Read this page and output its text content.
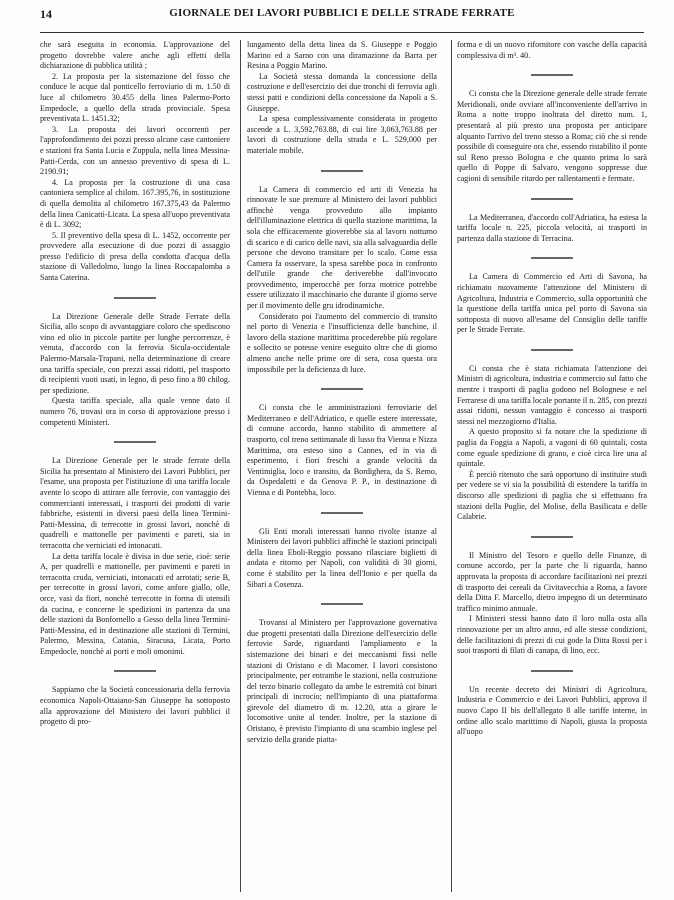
14	GIORNALE DEI LAVORI PUBBLICI E DELLE STRADE FERRATE

che sarà eseguita in economia. L'approvazione del progetto dovrebbe valere anche agli effetti della dichiarazione di pubblica utilità ;

2. La proposta per la sistemazione del fosso che conduce le acque dal ponticello ferroviario di m. 1.50 di luce al chilometro 30.455 della linea Palermo-Porto Empedocle, a quello della strada provinciale. Spesa preventivata L. 1451.32;

3. La proposta dei lavori occorrenti per l'approfondimento dei pozzi presso alcune case cantoniere e stazioni fra Santa Lucia e Zuppula, nella linea Messina-Patti-Cerda, con un annesso preventivo di spesa di L. 2190.91;

4. La proposta per la costruzione di una casa cantoniera semplice al chilom. 167.395,76, in sostituzione di quella demolita al chilometro 167.375,43 da Palermo della linea Canicattì-Licata. La spesa all'uopo preventivata è di L. 3092;

5. Il preventivo della spesa di L. 1452, occorrente per provvedere alla esecuzione di due pozzi di assaggio presso l'edificio di presa della condotta d'acqua della stazione di Valledolmo, lungo la linea Roccapalomba a Santa Caterina.

La Direzione Generale delle Strade Ferrate della Sicilia, allo scopo di avvantaggiare coloro che spediscono vino ed olio in piccole partite per lunghe percorrenze, è venuta, d'accordo con la ferrovia Sicula-occidentale Palermo-Marsala-Trapani, nella determinazione di creare una tariffa speciale, con prezzi assai ridotti, pel trasporto di recipienti vuoti usati, in legno, di peso fino a 80 chilog. per spedizione.

Questa tariffa speciale, alla quale venne dato il numero 76, trovasi ora in corso di approvazione presso i competenti Ministeri.

La Direzione Generale per le strade ferrate della Sicilia ha presentato al Ministero dei Lavori Pubblici, per l'esame, una proposta per l'istituzione di una tariffa locale avente lo scopo di attirare alle ferrovie, con vantaggio dei commercianti interessati, i trasporti dei prodotti di varie fabbriche, esistenti in diversi paesi della linea Termini-Patti-Messina, di terrecotte in grossi lavori, nonchè di quadrelli e mattonelle per pavimenti e pareti, sia in terracotta che verniciati ed intonacati.

La detta tariffa locale è divisa in due serie, cioè: serie A, per quadrelli e mattonelle, per pavimenti e pareti in terracotta cruda, verniciati, intonacati ed arrotati; serie B, per terrecotte in grossi lavori, come anfore giallo, olle, orce, vasi da fiori, nonchè terrecotte in forma di utensili da cucina, e concerne le spedizioni in partenza da una delle stazioni da Bonfornello a Gesso della linea Termini-Patti-Messina, ed in destinazione alle stazioni di Termini, Palermo, Messina, Catania, Siracusa, Licata, Porto Empedocle, nonchè ai porti e moli omonimi.

Sappiamo che la Società concessionaria della ferrovia economica Napoli-Ottaiano-San Giuseppe ha sottoposto alla approvazione del Ministero dei lavori pubblici il progetto di pro-

lungamento della detta linea da S. Giuseppe e Poggio Marino ed a Sarno con una diramazione da Barra per Resina a Poggio Marino.

La Società stessa domanda la concessione della costruzione e dell'esercizio dei due tronchi di ferrovia agli stessi patti e condizioni della concessione da Napoli a S. Giuseppe.

La spesa complessivamente considerata in progetto ascende a L. 3,592,763.88, di cui lire 3,063,763.88 per lavori di costruzione della strada e L. 529,000 per materiale mobile.

La Camera di commercio ed arti di Venezia ha rinnovate le sue premure al Ministero dei lavori pubblici affinchè venga provveduto allo impianto dell'illuminazione elettrica di quella stazione marittima, la sola che efficacemente gioverebbe sia al lavoro notturno di scarico e di carico delle navi, sia alla salvaguardia delle persone che devono transitare per lo scalo. Come essa Camera fa osservare, la spesa sarebbe poca in confronto dell'utile grande che deriverebbe dall'invocato provvedimento, imperocchè per forza motrice potrebbe essere utilizzato il macchinario che durante il giorno serve per il movimento delle gru idrodinamiche.

Considerato poi l'aumento del commercio di transito nel porto di Venezia e l'insufficienza delle banchine, il lavoro della stazione marittima procederebbe più regolare e sollecito se potesse venire eseguito oltre che di giorno almeno anche nelle prime ore di sera, cosa questa ora impossibile per la deficienza di luce.

Ci consta che le amministrazioni ferroviarie del Mediterraneo e dell'Adriatico, e quelle estere interessate, di comune accordo, hanno stabilito di ammettere al trasporto, col treno settimanale di lusso fra Vienna e Nizza Marittima, ora esteso sino a Cannes, ed in via di esperimento, i fiori freschi a grande velocità da Ventimiglia, loco e transito, da Bordighera, da S. Remo, da Ospedaletti e da Genova P. P., in destinazione di Vienna e di Pontebba, loco.

Gli Enti morali interessati hanno rivolte istanze al Ministero dei lavori pubblici affinchè le stazioni principali della linea Eboli-Reggio possano rilasciare biglietti di andata e ritorno per Napoli, con validità di 30 giorni, come è stabilito per la linea dell'Ionio e per quella da Sibari a Cosenza.

Trovansi al Ministero per l'approvazione governativa due progetti presentati dalla Direzione dell'esercizio delle ferrovie Sarde, riguardanti l'ampliamento e la sistemazione dei binari e dei meccanismi fissi nelle stazioni di Oristano e di Macomer. I lavori consistono principalmente, per entrambe le stazioni, nella costruzione del terzo binario collegato da ambe le estremità coi binari principali di incrocio; nell'impianto di una piattaforma girevole del diametro di m. 12.20, atta a girare le locomotive unite al tender. Inoltre, per la stazione di Oristano, è previsto l'impianto di una scambio inglese pel servizio della grande piatta-

forma e di un nuovo rifornitore con vasche della capacità complessiva di m³. 40.

Ci consta che la Direzione generale delle strade ferrate Meridionali, onde ovviare all'inconveniente dell'arrivo in Roma a notte troppo inoltrata del diretto num. 1, presentarà al più presto una proposta per anticipare alquanto l'arrivo del treno stesso a Roma; ciò che si rende possibile di conseguire ora che, essendo ristabilito il ponte sul Reno presso Bologna e che quanto prima lo sarà quello di Poppe di Salvaro, vengono soppresse due cagioni di sensibile ritardo per rallentamenti e fermate.

La Mediterranea, d'accordo coll'Adriatica, ha estesa la tariffa locale n. 225, piccola velocità, ai trasporti in partenza dalla stazione di Terracina.

La Camera di Commercio ed Arti di Savona, ha richiamato nuovamente l'attenzione del Ministero di Agricoltura, Industria e Commercio, sulla opportunità che la questione della tariffa unica pel porto di Savona sia sottoposta di nuovo all'esame del Consiglio delle tariffe per le Strade Ferrate.

Ci consta che è stata richiamata l'attenzione dei Ministri di agricoltura, industria e commercio sul fatto che mentre i trasporti di paglia godono nel Bolognese e nel Ferrarese di una tariffa locale portante il n. 285, con prezzi assai ridotti, nessun vantaggio è concesso ai trasporti stessi nel mezzogiorno d'Italia.

A questo proposito si fa notare che la spedizione di paglia da Foggia a Napoli, a vagoni di 60 quintali, costa come eguale spedizione di grano, e cioè circa lire una al quintale.

È perciò ritenuto che sarà opportuno di instituire studi per vedere se vi sia la possibilità di estendere la tariffa in discorso alle spedizioni di paglia che si effettuano fra stazioni della Puglie, del Molise, della Basilicata e delle Calabrie.

Il Ministro del Tesoro e quello delle Finanze, di comune accordo, per la parte che li riguarda, hanno approvata la proposta di accordare facilitazioni nei prezzi di trasporto dei cereali da Civitavecchia a Roma, a favore della Ditta F. Marcello, dietro impegno di un determinato traffico minimo annuale.

I Ministeri stessi hanno dato il loro nulla osta alla rinnovazione per un altro anno, ed alle stesse condizioni, delle facilitazioni di prezzi di cui gode la Ditta Rossi per i suoi trasporti di filati di canapa, di lino, ecc.

Un recente decreto dei Ministri di Agricoltura, Industria e Commercio e dei Lavori Pubblici, approva il nuovo Capo II bis dell'allegato 8 alle tariffe interne, in ordine allo scalo marittimo di Napoli, giusta la proposta all'uopo
